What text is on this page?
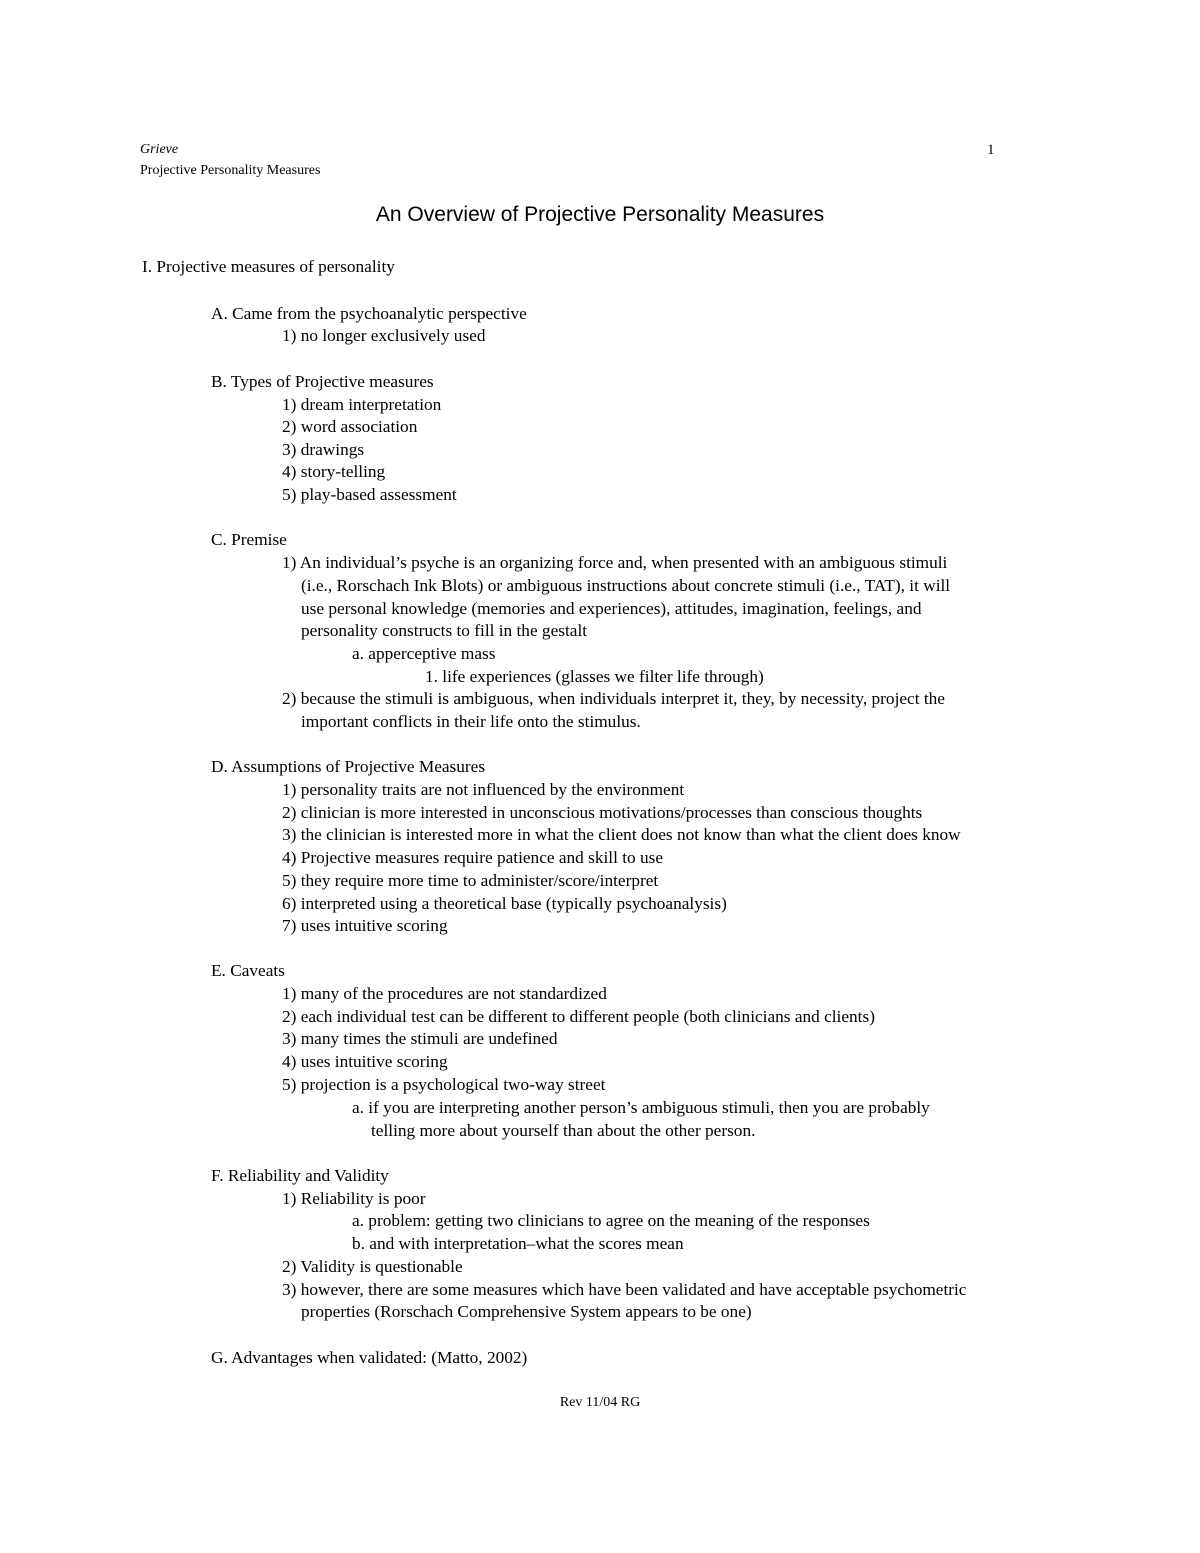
Grieve
Projective Personality Measures
1
An Overview of Projective Personality Measures
I. Projective measures of personality
A. Came from the psychoanalytic perspective
1) no longer exclusively used
B. Types of Projective measures
1) dream interpretation
2) word association
3) drawings
4) story-telling
5) play-based assessment
C. Premise
1) An individual’s psyche is an organizing force and, when presented with an ambiguous stimuli
(i.e., Rorschach Ink Blots) or ambiguous instructions about concrete stimuli (i.e., TAT), it will
use personal knowledge (memories and experiences), attitudes, imagination, feelings, and
personality constructs to fill in the gestalt
a. apperceptive mass
1. life experiences (glasses we filter life through)
2) because the stimuli is ambiguous, when individuals interpret it, they, by necessity, project the
important conflicts in their life onto the stimulus.
D. Assumptions of Projective Measures
1) personality traits are not influenced by the environment
2) clinician is more interested in unconscious motivations/processes than conscious thoughts
3) the clinician is interested more in what the client does not know than what the client does know
4) Projective measures require patience and skill to use
5) they require more time to administer/score/interpret
6) interpreted using a theoretical base (typically psychoanalysis)
7) uses intuitive scoring
E. Caveats
1) many of the procedures are not standardized
2) each individual test can be different to different people (both clinicians and clients)
3) many times the stimuli are undefined
4) uses intuitive scoring
5) projection is a psychological two-way street
a. if you are interpreting another person’s ambiguous stimuli, then you are probably
telling more about yourself than about the other person.
F. Reliability and Validity
1) Reliability is poor
a. problem: getting two clinicians to agree on the meaning of the responses
b. and with interpretation–what the scores mean
2) Validity is questionable
3) however, there are some measures which have been validated and have acceptable psychometric
properties (Rorschach Comprehensive System appears to be one)
G. Advantages when validated: (Matto, 2002)
Rev 11/04 RG
